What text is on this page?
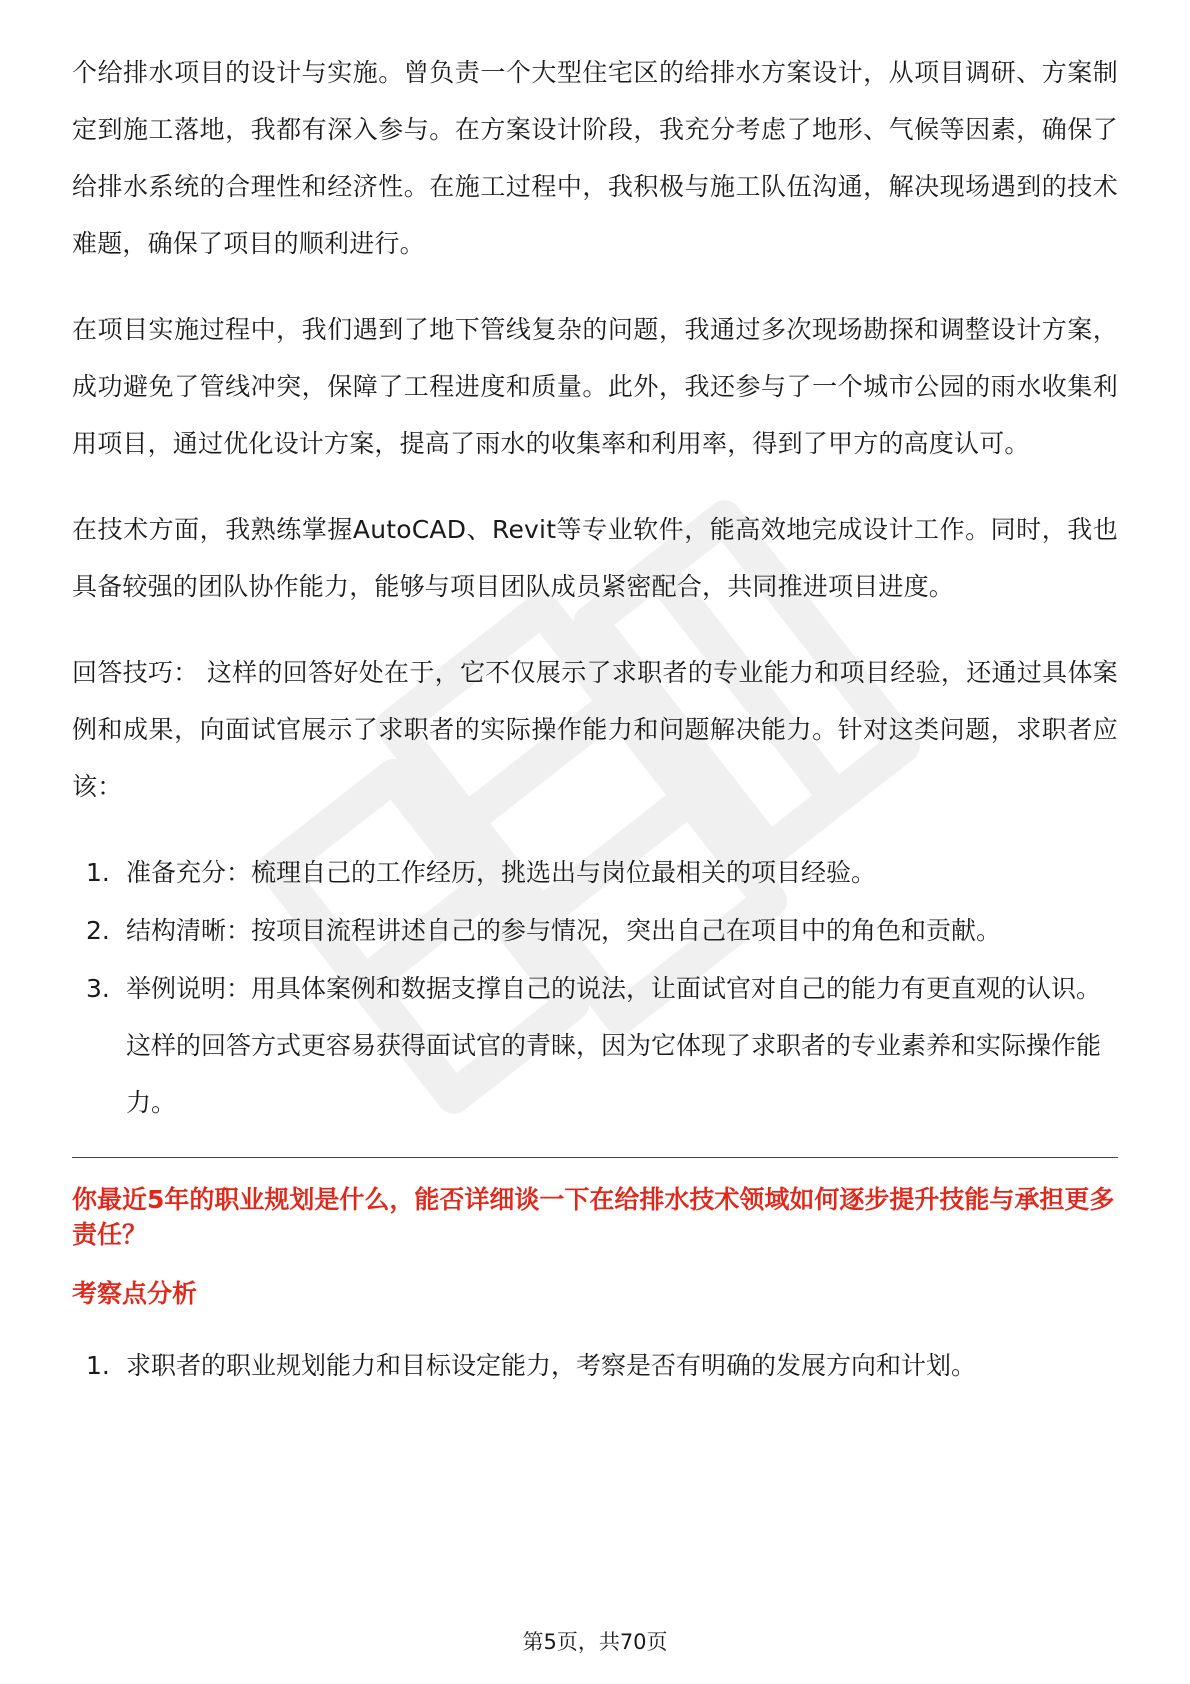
个给排水项目的设计与实施。曾负责一个大型住宅区的给排水方案设计，从项目调研、方案制定到施工落地，我都有深入参与。在方案设计阶段，我充分考虑了地形、气候等因素，确保了给排水系统的合理性和经济性。在施工过程中，我积极与施工队伍沟通，解决现场遇到的技术难题，确保了项目的顺利进行。

在项目实施过程中，我们遇到了地下管线复杂的问题，我通过多次现场勘探和调整设计方案，成功避免了管线冲突，保障了工程进度和质量。此外，我还参与了一个城市公园的雨水收集利用项目，通过优化设计方案，提高了雨水的收集率和利用率，得到了甲方的高度认可。

在技术方面，我熟练掌握AutoCAD、Revit等专业软件，能高效地完成设计工作。同时，我也具备较强的团队协作能力，能够与项目团队成员紧密配合，共同推进项目进度。

回答技巧： 这样的回答好处在于，它不仅展示了求职者的专业能力和项目经验，还通过具体案例和成果，向面试官展示了求职者的实际操作能力和问题解决能力。针对这类问题，求职者应该：

1. 准备充分：梳理自己的工作经历，挑选出与岗位最相关的项目经验。
2. 结构清晰：按项目流程讲述自己的参与情况，突出自己在项目中的角色和贡献。
3. 举例说明：用具体案例和数据支撑自己的说法，让面试官对自己的能力有更直观的认识。 这样的回答方式更容易获得面试官的青睐，因为它体现了求职者的专业素养和实际操作能力。
你最近5年的职业规划是什么，能否详细谈一下在给排水技术领域如何逐步提升技能与承担更多责任？
考察点分析
1. 求职者的职业规划能力和目标设定能力，考察是否有明确的发展方向和计划。
第5页，共70页
